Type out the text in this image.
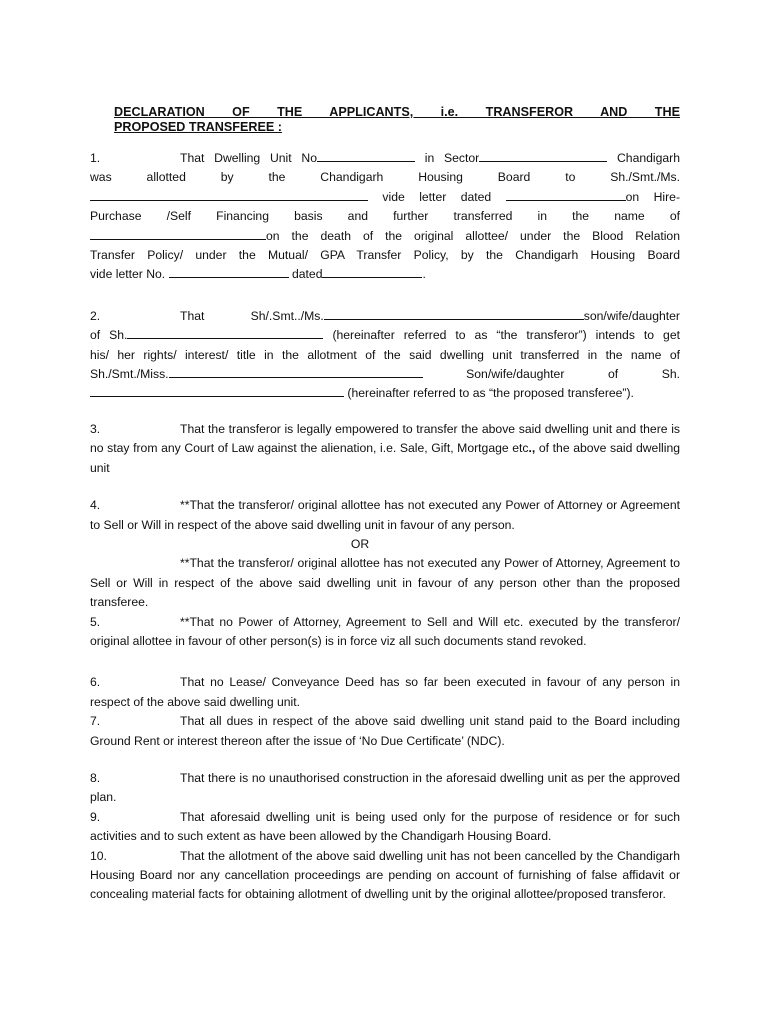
DECLARATION OF THE APPLICANTS, i.e. TRANSFEROR AND THE
PROPOSED TRANSFEREE :
1.	That Dwelling Unit No	in Sector	Chandigarh
was allotted by the Chandigarh Housing Board to Sh./Smt./Ms.
vide letter dated	on Hire-
Purchase /Self Financing basis and further transferred in the name of
on the death of the original allottee/ under the Blood Relation
Transfer Policy/ under the Mutual/ GPA Transfer Policy, by the Chandigarh Housing Board
vide letter No.	dated	.
2.	That Sh/.Smt../Ms.	son/wife/daughter
of Sh.	(hereinafter referred to as “the transferor”) intends to get
his/ her rights/ interest/ title in the allotment of the said dwelling unit transferred in the name of
Sh./Smt./Miss.	Son/wife/daughter of Sh.
(hereinafter referred to as “the proposed transferee”).

3.	That the transferor is legally empowered to transfer the above said dwelling unit and there is no stay from any Court of Law against the alienation, i.e. Sale, Gift, Mortgage etc., of the above said dwelling unit

4.	**That the transferor/ original allottee has not executed any Power of Attorney or Agreement to Sell or Will in respect of the above said dwelling unit in favour of any person.

OR

**That the transferor/ original allottee has not executed any Power of Attorney, Agreement to Sell or Will in respect of the above said dwelling unit in favour of any person other than the proposed transferee.

5.	**That no Power of Attorney, Agreement to Sell and Will etc. executed by the transferor/ original allottee in favour of other person(s) is in force viz all such documents stand revoked.

6.	That no Lease/ Conveyance Deed has so far been executed in favour of any person in respect of the above said dwelling unit.

7.	That all dues in respect of the above said dwelling unit stand paid to the Board including Ground Rent or interest thereon after the issue of ‘No Due Certificate’ (NDC).

8.	That there is no unauthorised construction in the aforesaid dwelling unit as per the approved plan.

9.	That aforesaid dwelling unit is being used only for the purpose of residence or for such activities and to such extent as have been allowed by the Chandigarh Housing Board.

10.	That the allotment of the above said dwelling unit has not been cancelled by the Chandigarh Housing Board nor any cancellation proceedings are pending on account of furnishing of false affidavit or concealing material facts for obtaining allotment of dwelling unit by the original allottee/proposed transferor.
